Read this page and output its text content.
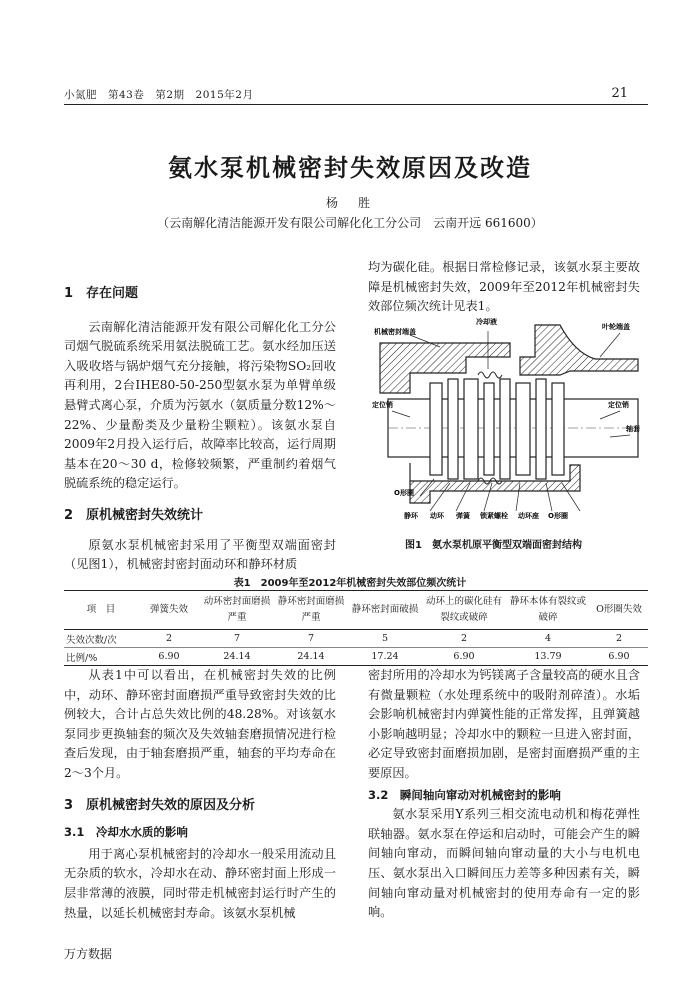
小氮肥　第43卷　第2期　2015年2月	21
氨水泵机械密封失效原因及改造
杨　胜
（云南解化清洁能源开发有限公司解化化工分公司　云南开远 661600）

1　存在问题

云南解化清洁能源开发有限公司解化化工分公司烟气脱硫系统采用氨法脱硫工艺。氨水经加压送入吸收塔与锅炉烟气充分接触，将污染物SO₂回收再利用，2台IHE80-50-250型氨水泵为单臂单级悬臂式离心泵，介质为污氨水（氨质量分数12%～22%、少量酚类及少量粉尘颗粒）。该氨水泵自2009年2月投入运行后，故障率比较高，运行周期基本在20～30 d，检修较频繁，严重制约着烟气脱硫系统的稳定运行。

2　原机械密封失效统计

原氨水泵机械密封采用了平衡型双端面密封（见图1），机械密封密封面动环和静环材质

均为碳化硅。根据日常检修记录，该氨水泵主要故障是机械密封失效，2009年至2012年机械密封失效部位频次统计见表1。

冷却液
机械密封端盖
叶轮端盖
定位销	定位销
轴套
O形圈
静环 动环 弹簧 锁紧螺栓 动环座 O形圈
图1　氨水泵机原平衡型双端面密封结构
表1　2009年至2012年机械密封失效部位频次统计
项　目	弹簧失效	动环密封面磨损严重	静环密封面磨损严重	静环密封面破损	动环上的碳化硅有裂纹或破碎	静环本体有裂纹或破碎	O形圈失效
失效次数/次	2	7	7	5	2	4	2
比例/%	6.90	24.14	24.14	17.24	6.90	13.79	6.90

从表1中可以看出，在机械密封失效的比例中，动环、静环密封面磨损严重导致密封失效的比例较大，合计占总失效比例的48.28%。对该氨水泵同步更换轴套的频次及失效轴套磨损情况进行检查后发现，由于轴套磨损严重，轴套的平均寿命在2～3个月。

3　原机械密封失效的原因及分析

3.1　冷却水水质的影响

用于离心泵机械密封的冷却水一般采用流动且无杂质的软水，冷却水在动、静环密封面上形成一层非常薄的液膜，同时带走机械密封运行时产生的热量，以延长机械密封寿命。该氨水泵机械

密封所用的冷却水为钙镁离子含量较高的硬水且含有微量颗粒（水处理系统中的吸附剂碎渣）。水垢会影响机械密封内弹簧性能的正常发挥，且弹簧越小影响越明显；冷却水中的颗粒一旦进入密封面，必定导致密封面磨损加剧，是密封面磨损严重的主要原因。

3.2　瞬间轴向窜动对机械密封的影响

氨水泵采用Y系列三相交流电动机和梅花弹性联轴器。氨水泵在停运和启动时，可能会产生的瞬间轴向窜动，而瞬间轴向窜动量的大小与电机电压、氨水泵出入口瞬间压力差等多种因素有关，瞬间轴向窜动量对机械密封的使用寿命有一定的影响。

万方数据
